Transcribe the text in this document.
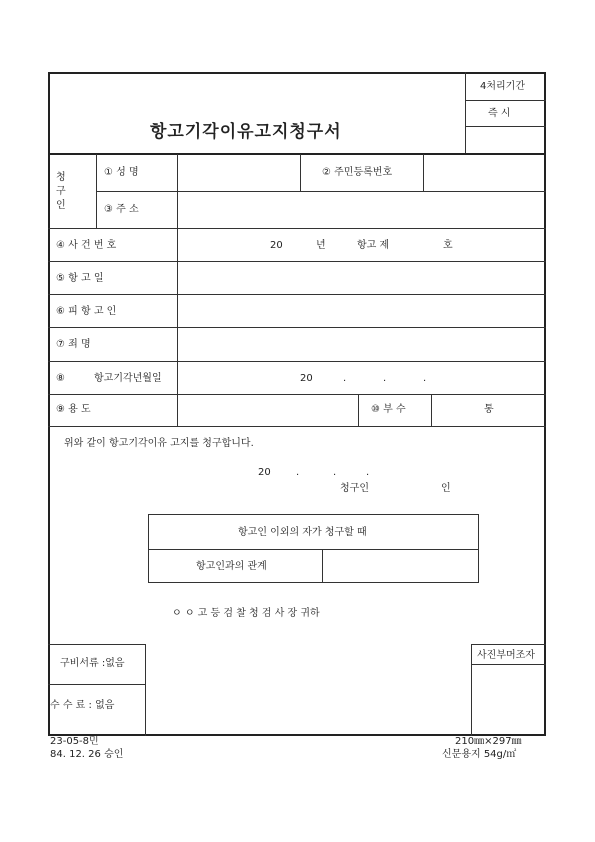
항고기각이유고지청구서
4처리기간
즉 시
청
구
인
① 성 명	② 주민등록번호
③ 주 소
④ 사 건 번 호	20	년	항고 제	호
⑤ 항 고 일
⑥ 피 항 고 인
⑦ 죄 명
⑧	항고기각년월일	20	.	.	.
⑨ 용 도	⑩ 부 수	통
위와 같이 항고기각이유 고지를 청구합니다.
20	.	.	.
청구인	인
항고인 이외의 자가 청구할 때
항고인과의 관계
ㅇ ㅇ 고 등 검 찰 청 검 사 장 귀하
구비서류 :없음
수 수 료 : 없음
사진부머조자
23-05-8민
84. 12. 26 승인
210㎜×297㎜
신문용지 54g/㎡
